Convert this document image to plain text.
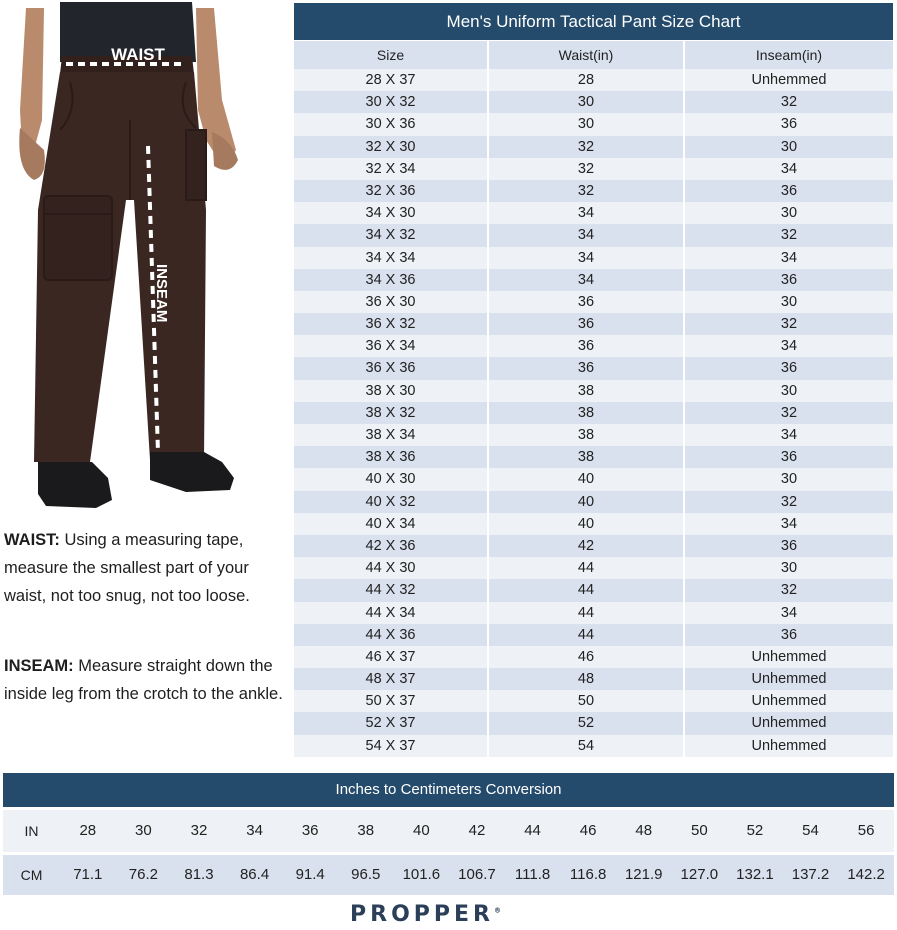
WAIST
INSEAM

WAIST: Using a measuring tape, measure the smallest part of your waist, not too snug, not too loose.

INSEAM: Measure straight down the inside leg from the crotch to the ankle.

Men's Uniform Tactical Pant Size Chart
Size	Waist(in)	Inseam(in)
28 X 37	28	Unhemmed
30 X 32	30	32
30 X 36	30	36
32 X 30	32	30
32 X 34	32	34
32 X 36	32	36
34 X 30	34	30
34 X 32	34	32
34 X 34	34	34
34 X 36	34	36
36 X 30	36	30
36 X 32	36	32
36 X 34	36	34
36 X 36	36	36
38 X 30	38	30
38 X 32	38	32
38 X 34	38	34
38 X 36	38	36
40 X 30	40	30
40 X 32	40	32
40 X 34	40	34
42 X 36	42	36
44 X 30	44	30
44 X 32	44	32
44 X 34	44	34
44 X 36	44	36
46 X 37	46	Unhemmed
48 X 37	48	Unhemmed
50 X 37	50	Unhemmed
52 X 37	52	Unhemmed
54 X 37	54	Unhemmed
Inches to Centimeters Conversion
IN	28	30	32	34	36	38	40	42	44	46	48	50	52	54	56
CM	71.1	76.2	81.3	86.4	91.4	96.5	101.6	106.7	111.8	116.8	121.9	127.0	132.1	137.2	142.2
PROPPER®
